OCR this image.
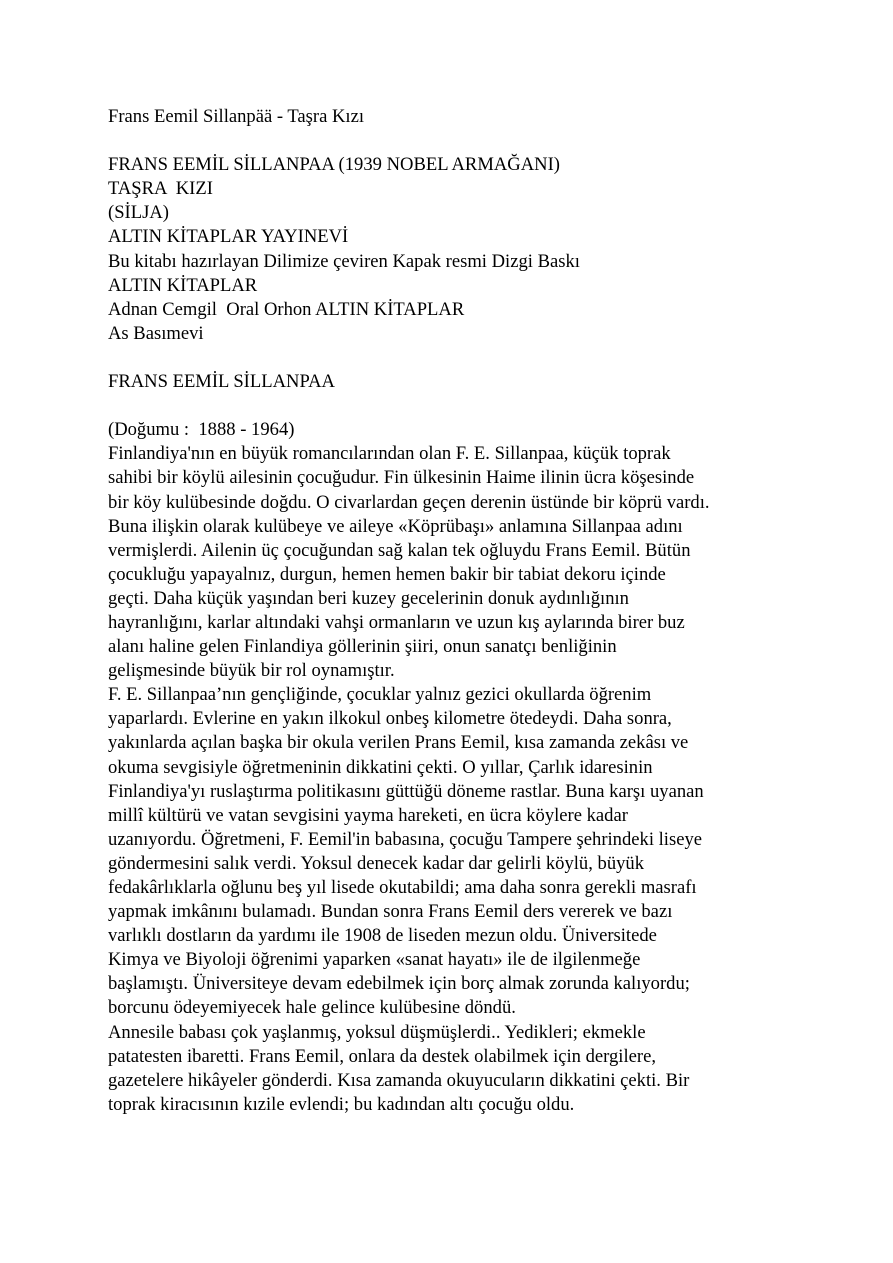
Frans Eemil Sillanpää - Taşra Kızı
FRANS EEMİL SİLLANPAA (1939 NOBEL ARMAĞANI)
TAŞRA  KIZI
(SİLJA)
ALTIN KİTAPLAR YAYINEVİ
Bu kitabı hazırlayan Dilimize çeviren Kapak resmi Dizgi Baskı
ALTIN KİTAPLAR
Adnan Cemgil  Oral Orhon ALTIN KİTAPLAR
As Basımevi
FRANS EEMİL SİLLANPAA
(Doğumu :  1888 - 1964)
Finlandiya'nın en büyük romancılarından olan F. E. Sillanpaa, küçük toprak
sahibi bir köylü ailesinin çocuğudur. Fin ülkesinin Haime ilinin ücra köşesinde
bir köy kulübesinde doğdu. O civarlardan geçen derenin üstünde bir köprü vardı.
Buna ilişkin olarak kulübeye ve aileye «Köprübaşı» anlamına Sillanpaa adını
vermişlerdi. Ailenin üç çocuğundan sağ kalan tek oğluydu Frans Eemil. Bütün
çocukluğu yapayalnız, durgun, hemen hemen bakir bir tabiat dekoru içinde
geçti. Daha küçük yaşından beri kuzey gecelerinin donuk aydınlığının
hayranlığını, karlar altındaki vahşi ormanların ve uzun kış aylarında birer buz
alanı haline gelen Finlandiya göllerinin şiiri, onun sanatçı benliğinin
gelişmesinde büyük bir rol oynamıştır.
F. E. Sillanpaa’nın gençliğinde, çocuklar yalnız gezici okullarda öğrenim
yaparlardı. Evlerine en yakın ilkokul onbeş kilometre ötedeydi. Daha sonra,
yakınlarda açılan başka bir okula verilen Prans Eemil, kısa zamanda zekâsı ve
okuma sevgisiyle öğretmeninin dikkatini çekti. O yıllar, Çarlık idaresinin
Finlandiya'yı ruslaştırma politikasını güttüğü döneme rastlar. Buna karşı uyanan
millî kültürü ve vatan sevgisini yayma hareketi, en ücra köylere kadar
uzanıyordu. Öğretmeni, F. Eemil'in babasına, çocuğu Tampere şehrindeki liseye
göndermesini salık verdi. Yoksul denecek kadar dar gelirli köylü, büyük
fedakârlıklarla oğlunu beş yıl lisede okutabildi; ama daha sonra gerekli masrafı
yapmak imkânını bulamadı. Bundan sonra Frans Eemil ders vererek ve bazı
varlıklı dostların da yardımı ile 1908 de liseden mezun oldu. Üniversitede
Kimya ve Biyoloji öğrenimi yaparken «sanat hayatı» ile de ilgilenmeğe
başlamıştı. Üniversiteye devam edebilmek için borç almak zorunda kalıyordu;
borcunu ödeyemiyecek hale gelince kulübesine döndü.
Annesile babası çok yaşlanmış, yoksul düşmüşlerdi.. Yedikleri; ekmekle
patatesten ibaretti. Frans Eemil, onlara da destek olabilmek için dergilere,
gazetelere hikâyeler gönderdi. Kısa zamanda okuyucuların dikkatini çekti. Bir
toprak kiracısının kızile evlendi; bu kadından altı çocuğu oldu.
